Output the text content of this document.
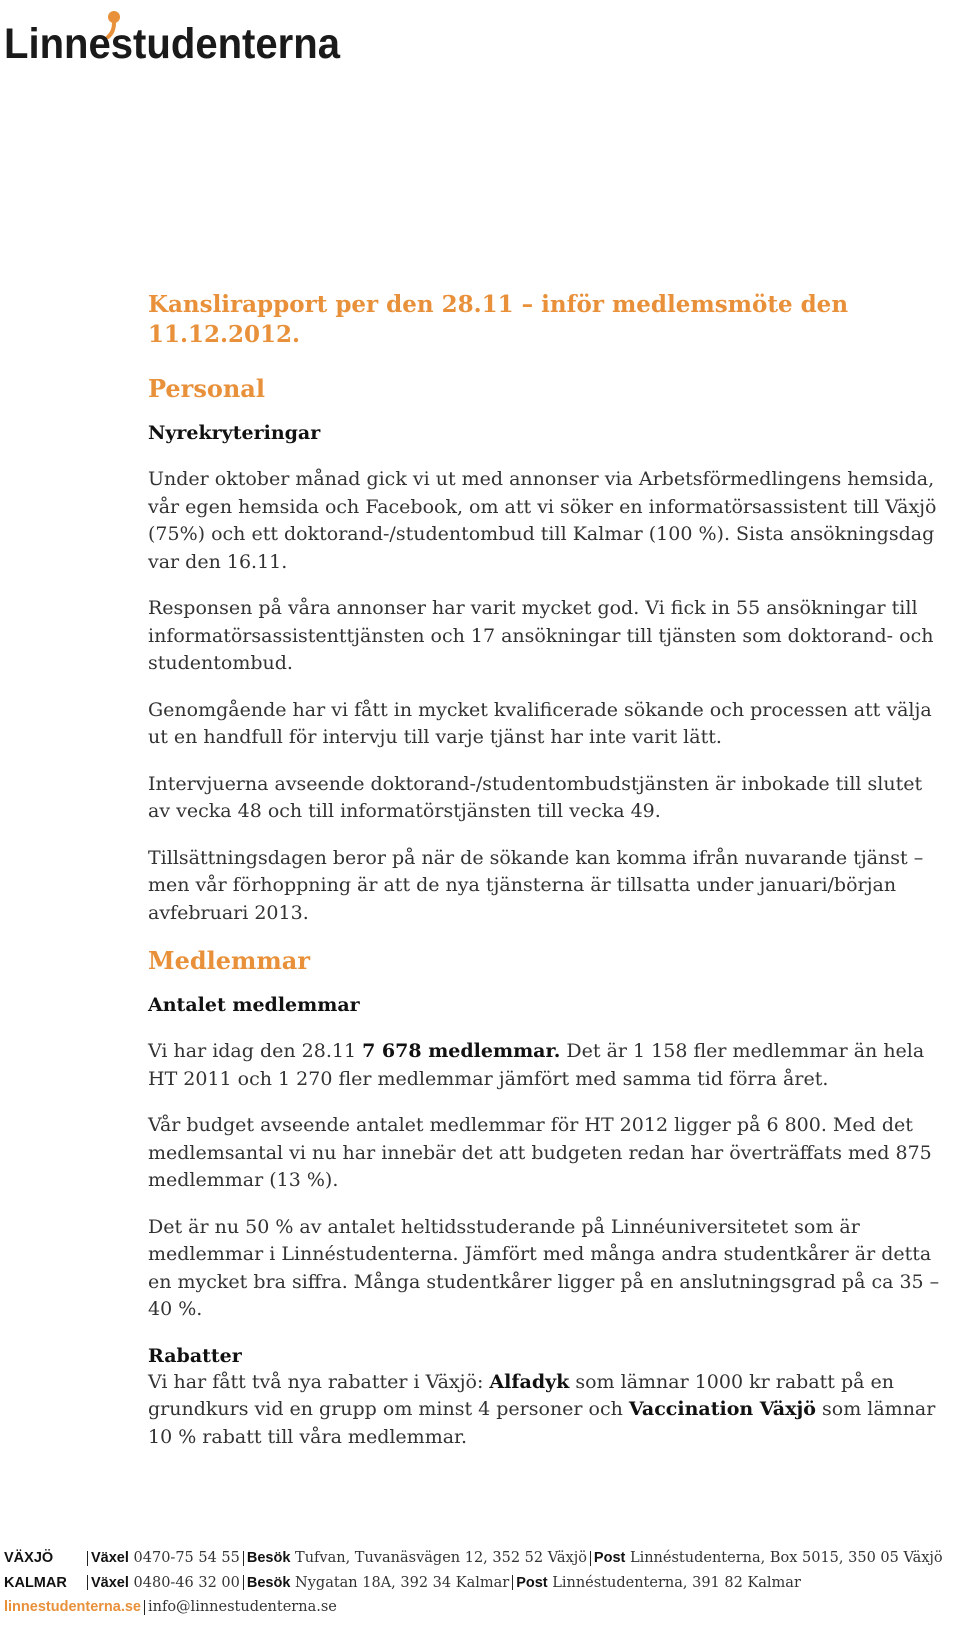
Linnestudenterna
Kanslirapport per den 28.11 – inför medlemsmöte den 11.12.2012.
Personal
Nyrekryteringar

Under oktober månad gick vi ut med annonser via Arbetsförmedlingens hemsida, vår egen hemsida och Facebook, om att vi söker en informatörsassistent till Växjö (75%) och ett doktorand-/studentombud till Kalmar (100 %). Sista ansökningsdag var den 16.11.

Responsen på våra annonser har varit mycket god. Vi fick in 55 ansökningar till informatörsassistenttjänsten och 17 ansökningar till tjänsten som doktorand- och studentombud.

Genomgående har vi fått in mycket kvalificerade sökande och processen att välja ut en handfull för intervju till varje tjänst har inte varit lätt.

Intervjuerna avseende doktorand-/studentombudstjänsten är inbokade till slutet av vecka 48 och till informatörstjänsten till vecka 49.

Tillsättningsdagen beror på när de sökande kan komma ifrån nuvarande tjänst – men vår förhoppning är att de nya tjänsterna är tillsatta under januari/början avfebruari 2013.

Medlemmar
Antalet medlemmar

Vi har idag den 28.11 7 678 medlemmar. Det är 1 158 fler medlemmar än hela HT 2011 och 1 270 fler medlemmar jämfört med samma tid förra året.

Vår budget avseende antalet medlemmar för HT 2012 ligger på 6 800. Med det medlemsantal vi nu har innebär det att budgeten redan har överträffats med 875 medlemmar (13 %).

Det är nu 50 % av antalet heltidsstuderande på Linnéuniversitetet som är medlemmar i Linnéstudenterna. Jämfört med många andra studentkårer är detta en mycket bra siffra. Många studentkårer ligger på en anslutningsgrad på ca 35 – 40 %.

Rabatter

Vi har fått två nya rabatter i Växjö: Alfadyk som lämnar 1000 kr rabatt på en grundkurs vid en grupp om minst 4 personer och Vaccination Växjö som lämnar 10 % rabatt till våra medlemmar.

VÄXJÖ	Växel 0470-75 54 55 Besök Tufvan, Tuvanäsvägen 12, 352 52 Växjö Post Linnéstudenterna, Box 5015, 350 05 Växjö
KALMAR Växel 0480-46 32 00 Besök Nygatan 18A, 392 34 Kalmar Post Linnéstudenterna, 391 82 Kalmar
linnestudenterna.se info@linnestudenterna.se
